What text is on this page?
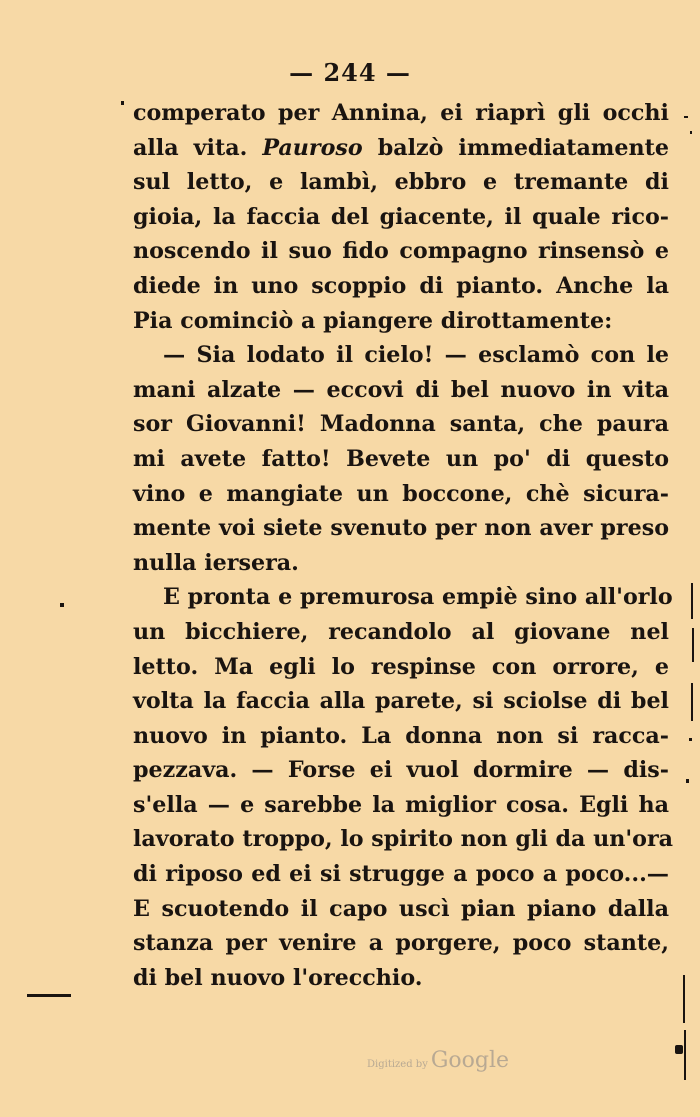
— 244 —
comperato per Annina, ei riaprì gli occhi
alla vita. Pauroso balzò immediatamente
sul letto, e lambì, ebbro e tremante di
gioia, la faccia del giacente, il quale rico-
noscendo il suo fido compagno rinsensò e
diede in uno scoppio di pianto. Anche la
Pia cominciò a piangere dirottamente:
— Sia lodato il cielo! — esclamò con le
mani alzate — eccovi di bel nuovo in vita
sor Giovanni! Madonna santa, che paura
mi avete fatto! Bevete un po' di questo
vino e mangiate un boccone, chè sicura-
mente voi siete svenuto per non aver preso
nulla iersera.
E pronta e premurosa empiè sino all'orlo
un bicchiere, recandolo al giovane nel
letto. Ma egli lo respinse con orrore, e
volta la faccia alla parete, si sciolse di bel
nuovo in pianto. La donna non si racca-
pezzava. — Forse ei vuol dormire — dis-
s'ella — e sarebbe la miglior cosa. Egli ha
lavorato troppo, lo spirito non gli da un'ora
di riposo ed ei si strugge a poco a poco...—
E scuotendo il capo uscì pian piano dalla
stanza per venire a porgere, poco stante,
di bel nuovo l'orecchio.
Digitized by Google
